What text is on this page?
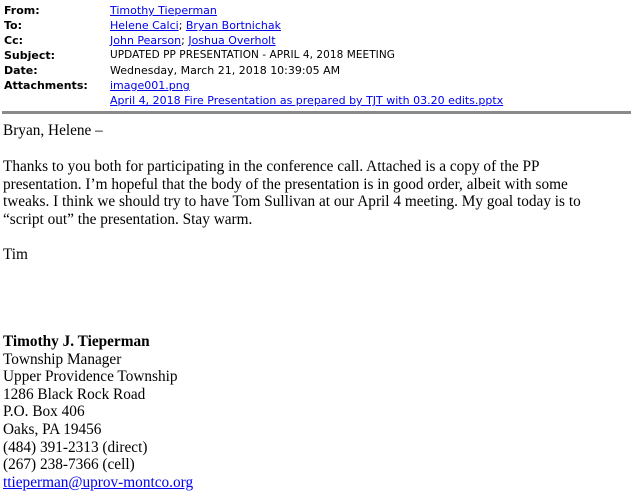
From:	Timothy Tieperman
To:	Helene Calci; Bryan Bortnichak
Cc:	John Pearson; Joshua Overholt
Subject:	UPDATED PP PRESENTATION - APRIL 4, 2018 MEETING
Date:	Wednesday, March 21, 2018 10:39:05 AM
Attachments:	image001.png
April 4, 2018 Fire Presentation as prepared by TJT with 03.20 edits.pptx

Bryan, Helene –

Thanks to you both for participating in the conference call. Attached is a copy of the PP
presentation. I’m hopeful that the body of the presentation is in good order, albeit with some
tweaks. I think we should try to have Tom Sullivan at our April 4 meeting. My goal today is to
“script out” the presentation. Stay warm.

Tim

Timothy J. Tieperman
Township Manager
Upper Providence Township
1286 Black Rock Road
P.O. Box 406
Oaks, PA 19456
(484) 391-2313 (direct)
(267) 238-7366 (cell)
ttieperman@uprov-montco.org
